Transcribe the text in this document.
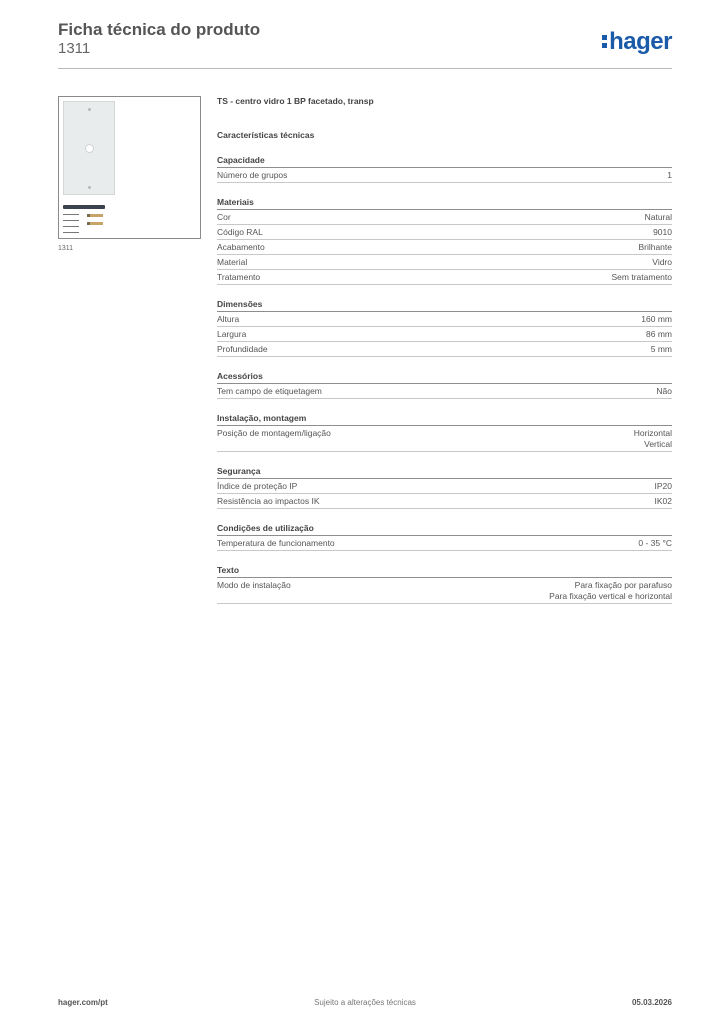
Ficha técnica do produto
1311	hager
1311
TS - centro vidro 1 BP facetado, transp
Características técnicas
Capacidade
Número de grupos	1
Materiais
Cor	Natural
Código RAL	9010
Acabamento	Brilhante
Material	Vidro
Tratamento	Sem tratamento
Dimensões
Altura	160 mm
Largura	86 mm
Profundidade	5 mm
Acessórios
Tem campo de etiquetagem	Não
Instalação, montagem
Posição de montagem/ligação	Horizontal
Vertical
Segurança
Índice de proteção IP	IP20
Resistência ao impactos IK	IK02
Condições de utilização
Temperatura de funcionamento	0 - 35 °C
Texto
Modo de instalação	Para fixação por parafuso
Para fixação vertical e horizontal
hager.com/pt	Sujeito a alterações técnicas	05.03.2026
